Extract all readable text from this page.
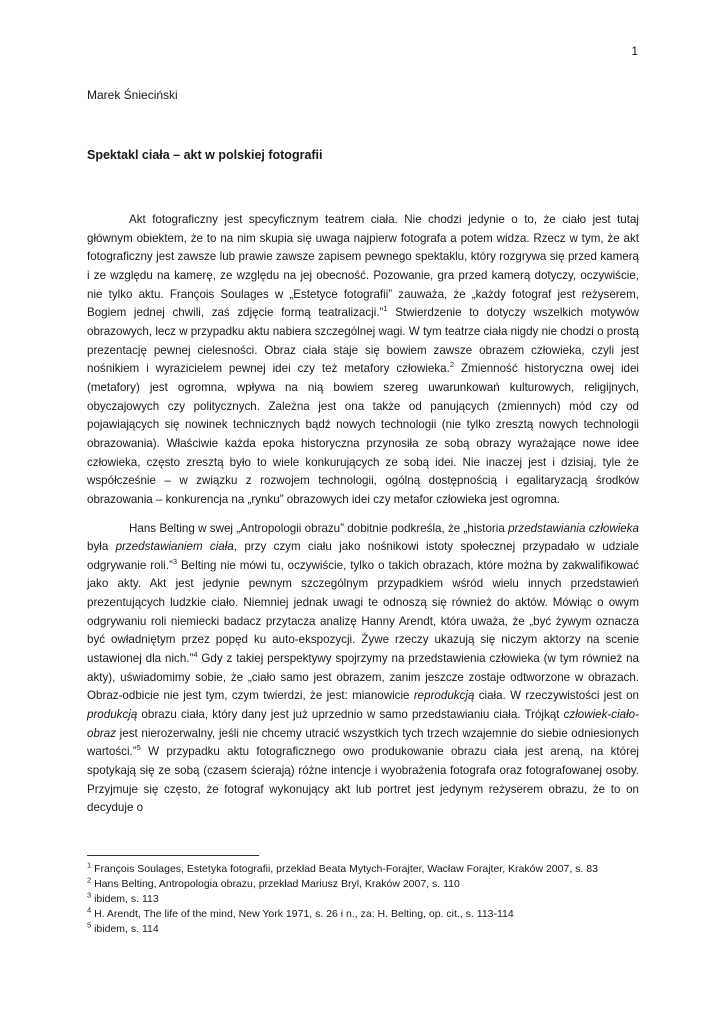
1
Marek Śnieciński
Spektakl ciała – akt w polskiej fotografii

Akt fotograficzny jest specyficznym teatrem ciała. Nie chodzi jedynie o to, że ciało jest tutaj głównym obiektem, że to na nim skupia się uwaga najpierw fotografa a potem widza. Rzecz w tym, że akt fotograficzny jest zawsze lub prawie zawsze zapisem pewnego spektaklu, który rozgrywa się przed kamerą i ze względu na kamerę, ze względu na jej obecność. Pozowanie, gra przed kamerą dotyczy, oczywiście, nie tylko aktu. François Soulages w „Estetyce fotografii” zauważa, że „każdy fotograf jest reżyserem, Bogiem jednej chwili, zaś zdjęcie formą teatralizacji.”$^1$ Stwierdzenie to dotyczy wszelkich motywów obrazowych, lecz w przypadku aktu nabiera szczególnej wagi. W tym teatrze ciała nigdy nie chodzi o prostą prezentację pewnej cielesności. Obraz ciała staje się bowiem zawsze obrazem człowieka, czyli jest nośnikiem i wyrazicielem pewnej idei czy też metafory człowieka.$^2$ Zmienność historyczna owej idei (metafory) jest ogromna, wpływa na nią bowiem szereg uwarunkowań kulturowych, religijnych, obyczajowych czy politycznych. Zależna jest ona także od panujących (zmiennych) mód czy od pojawiających się nowinek technicznych bądź nowych technologii (nie tylko zresztą nowych technologii obrazowania). Właściwie każda epoka historyczna przynosiła ze sobą obrazy wyrażające nowe idee człowieka, często zresztą było to wiele konkurujących ze sobą idei. Nie inaczej jest i dzisiaj, tyle że współcześnie – w związku z rozwojem technologii, ogólną dostępnością i egalitaryzacją środków obrazowania – konkurencja na „rynku” obrazowych idei czy metafor człowieka jest ogromna.

Hans Belting w swej „Antropologii obrazu” dobitnie podkreśla, że „historia przedstawiania człowieka była przedstawianiem ciała, przy czym ciału jako nośnikowi istoty społecznej przypadało w udziale odgrywanie roli.”$^3$ Belting nie mówi tu, oczywiście, tylko o takich obrazach, które można by zakwalifikować jako akty. Akt jest jedynie pewnym szczególnym przypadkiem wśród wielu innych przedstawień prezentujących ludzkie ciało. Niemniej jednak uwagi te odnoszą się również do aktów. Mówiąc o owym odgrywaniu roli niemiecki badacz przytacza analizę Hanny Arendt, która uważa, że „być żywym oznacza być owładniętym przez popęd ku auto-ekspozycji. Żywe rzeczy ukazują się niczym aktorzy na scenie ustawionej dla nich.”$^4$ Gdy z takiej perspektywy spojrzymy na przedstawienia człowieka (w tym również na akty), uświadomimy sobie, że „ciało samo jest obrazem, zanim jeszcze zostaje odtworzone w obrazach. Obraz-odbicie nie jest tym, czym twierdzi, że jest: mianowicie reprodukcją ciała. W rzeczywistości jest on produkcją obrazu ciała, który dany jest już uprzednio w samo przedstawianiu ciała. Trójkąt człowiek-ciało-obraz jest nierozerwalny, jeśli nie chcemy utracić wszystkich tych trzech wzajemnie do siebie odniesionych wartości.”$^5$ W przypadku aktu fotograficznego owo produkowanie obrazu ciała jest areną, na której spotykają się ze sobą (czasem ścierają) różne intencje i wyobrażenia fotografa oraz fotografowanej osoby. Przyjmuje się często, że fotograf wykonujący akt lub portret jest jedynym reżyserem obrazu, że to on decyduje o

$^1$ François Soulages, Estetyka fotografii, przekład Beata Mytych-Forajter, Wacław Forajter, Kraków 2007, s. 83

$^2$ Hans Belting, Antropologia obrazu, przekład Mariusz Bryl, Kraków 2007, s. 110

$^3$ ibidem, s. 113

$^4$ H. Arendt, The life of the mind, New York 1971, s. 26 i n., za: H. Belting, op. cit., s. 113-114

$^5$ ibidem, s. 114
